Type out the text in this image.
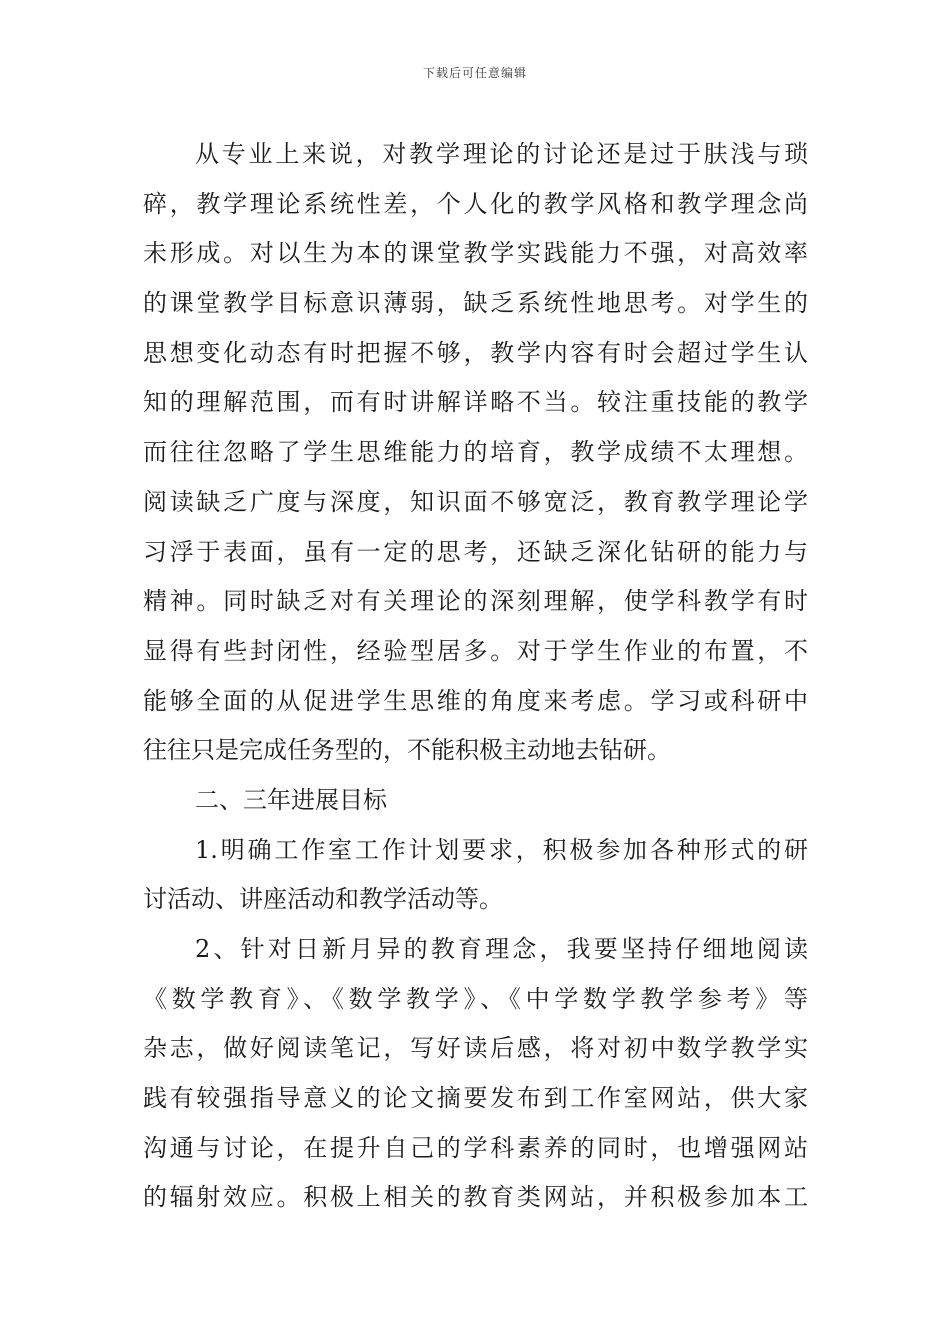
下载后可任意编辑
从专业上来说，对教学理论的讨论还是过于肤浅与琐
碎，教学理论系统性差，个人化的教学风格和教学理念尚
未形成。对以生为本的课堂教学实践能力不强，对高效率
的课堂教学目标意识薄弱，缺乏系统性地思考。对学生的
思想变化动态有时把握不够，教学内容有时会超过学生认
知的理解范围，而有时讲解详略不当。较注重技能的教学
而往往忽略了学生思维能力的培育，教学成绩不太理想。
阅读缺乏广度与深度，知识面不够宽泛，教育教学理论学
习浮于表面，虽有一定的思考，还缺乏深化钻研的能力与
精神。同时缺乏对有关理论的深刻理解，使学科教学有时
显得有些封闭性，经验型居多。对于学生作业的布置，不
能够全面的从促进学生思维的角度来考虑。学习或科研中
往往只是完成任务型的，不能积极主动地去钻研。
二、三年进展目标
1.明确工作室工作计划要求，积极参加各种形式的研
讨活动、讲座活动和教学活动等。
2、针对日新月异的教育理念，我要坚持仔细地阅读
《数学教育》、《数学教学》、《中学数学教学参考》等
杂志，做好阅读笔记，写好读后感，将对初中数学教学实
践有较强指导意义的论文摘要发布到工作室网站，供大家
沟通与讨论，在提升自己的学科素养的同时，也增强网站
的辐射效应。积极上相关的教育类网站，并积极参加本工
